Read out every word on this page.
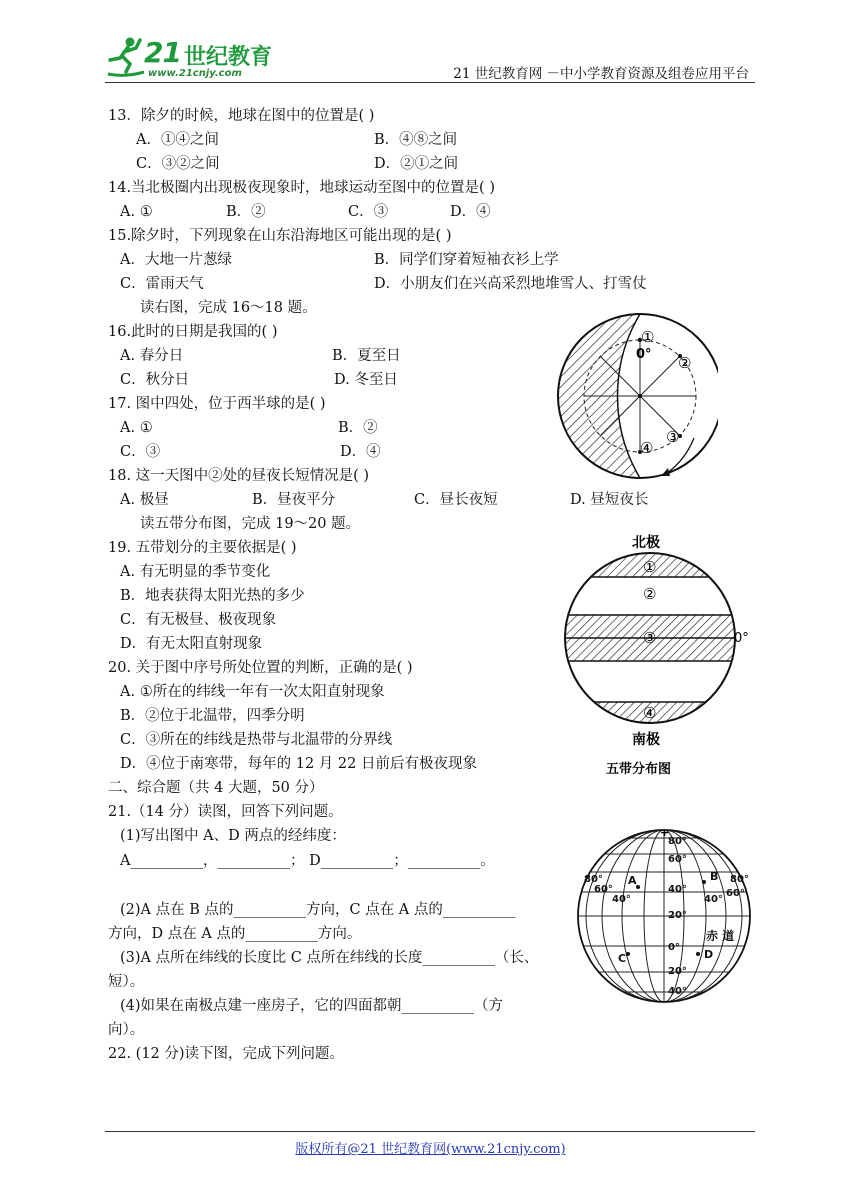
21 世纪教育
www.21cnjy.com	21 世纪教育网 －中小学教育资源及组卷应用平台
13．除夕的时候，地球在图中的位置是( )
A．①④之间	B．④⑧之间
C．③②之间	D．②①之间
14.当北极圈内出现极夜现象时，地球运动至图中的位置是( )
A. ①	B．②	C．③	D．④
15.除夕时，下列现象在山东沿海地区可能出现的是( )
A．大地一片葱绿	B．同学们穿着短袖衣衫上学
C．雷雨天气	D．小朋友们在兴高采烈地堆雪人、打雪仗
读右图，完成 16～18 题。
16.此时的日期是我国的( )
A. 春分日	B．夏至日
C．秋分日	D. 冬至日
17. 图中四处，位于西半球的是( )
A. ①	B．②
C．③	D．④
18. 这一天图中②处的昼夜长短情况是( )
A. 极昼	B．昼夜平分	C．昼长夜短	D. 昼短夜长
读五带分布图，完成 19～20 题。
19. 五带划分的主要依据是( )
A. 有无明显的季节变化
B．地表获得太阳光热的多少
C．有无极昼、极夜现象
D．有无太阳直射现象
20. 关于图中序号所处位置的判断，正确的是( )
A. ①所在的纬线一年有一次太阳直射现象
B．②位于北温带，四季分明
C．③所在的纬线是热带与北温带的分界线
D．④位于南寒带，每年的 12 月 22 日前后有极夜现象
二、综合题（共 4 大题，50 分）
21.（14 分）读图，回答下列问题。
(1)写出图中 A、D 两点的经纬度：
A__________，__________； D__________；__________。
(2)A 点在 B 点的__________方向，C 点在 A 点的__________
方向，D 点在 A 点的__________方向。
(3)A 点所在纬线的长度比 C 点所在纬线的长度__________（长、
短）。
(4)如果在南极点建一座房子，它的四面都朝__________（方
向）。
22. (12 分)读下图，完成下列问题。
①
0° ②
③
④
北极
①
②
③
④
0°
南极
五带分布图
+
80°
60°
40°
20°
0°
20°
40°
80°
60°
40°
80°
60°
40°
A	B
C	D
赤 道
版权所有@21 世纪教育网(www.21cnjy.com)
